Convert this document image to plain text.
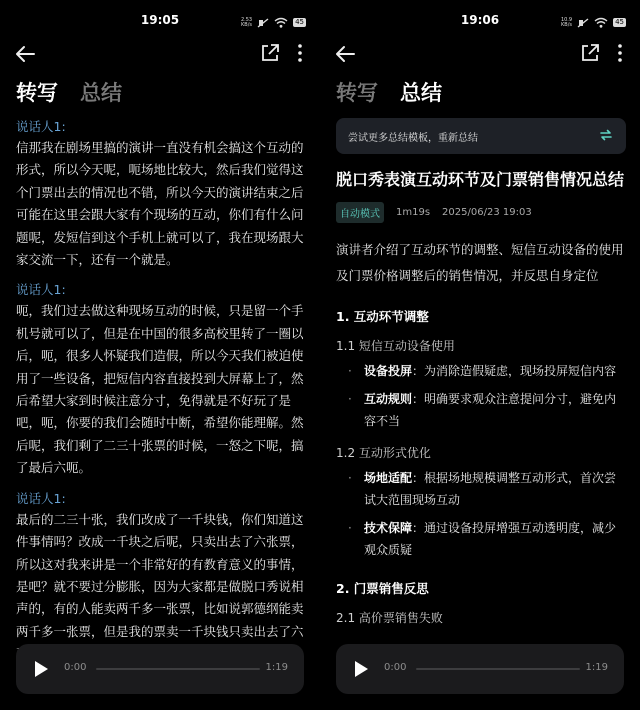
19:05	2.53
KB/s	45
转写 总结
说话人1:
信那我在剧场里搞的演讲一直没有机会搞这个互动的形式，所以今天呢，呃场地比较大，然后我们觉得这个门票出去的情况也不错，所以今天的演讲结束之后可能在这里会跟大家有个现场的互动，你们有什么问题呢，发短信到这个手机上就可以了，我在现场跟大家交流一下，还有一个就是。
说话人1:
呃，我们过去做这种现场互动的时候，只是留一个手机号就可以了，但是在中国的很多高校里转了一圈以后，呃，很多人怀疑我们造假，所以今天我们被迫使用了一些设备，把短信内容直接投到大屏幕上了，然后希望大家到时候注意分寸，免得就是不好玩了是吧，呃，你要的我们会随时中断，希望你能理解。然后呢，我们剩了二三十张票的时候，一怒之下呢，搞了最后六呃。
说话人1:
最后的二三十张，我们改成了一千块钱，你们知道这件事情吗？改成一千块之后呢，只卖出去了六张票，所以这对我来讲是一个非常好的有教育意义的事情，是吧？就不要过分膨胀，因为大家都是做脱口秀说相声的，有的人能卖两千多一张票，比如说郭德纲能卖两千多一张票，但是我的票卖一千块钱只卖出去了六
0:00	1:19
19:06	10.9
KB/s	45
转写 总结
尝试更多总结模板，重新总结
脱口秀表演互动环节及门票销售情况总结
自动模式	1m19s 2025/06/23 19:03
演讲者介绍了互动环节的调整、短信互动设备的使用及门票价格调整后的销售情况，并反思自身定位
1. 互动环节调整
1.1 短信互动设备使用
· 设备投屏：为消除造假疑虑，现场投屏短信内容
· 互动规则：明确要求观众注意提问分寸，避免内容不当
1.2 互动形式优化
· 场地适配：根据场地规模调整互动形式，首次尝试大范围现场互动
· 技术保障：通过设备投屏增强互动透明度，减少观众质疑
2. 门票销售反思
2.1 高价票销售失败
0:00	1:19
